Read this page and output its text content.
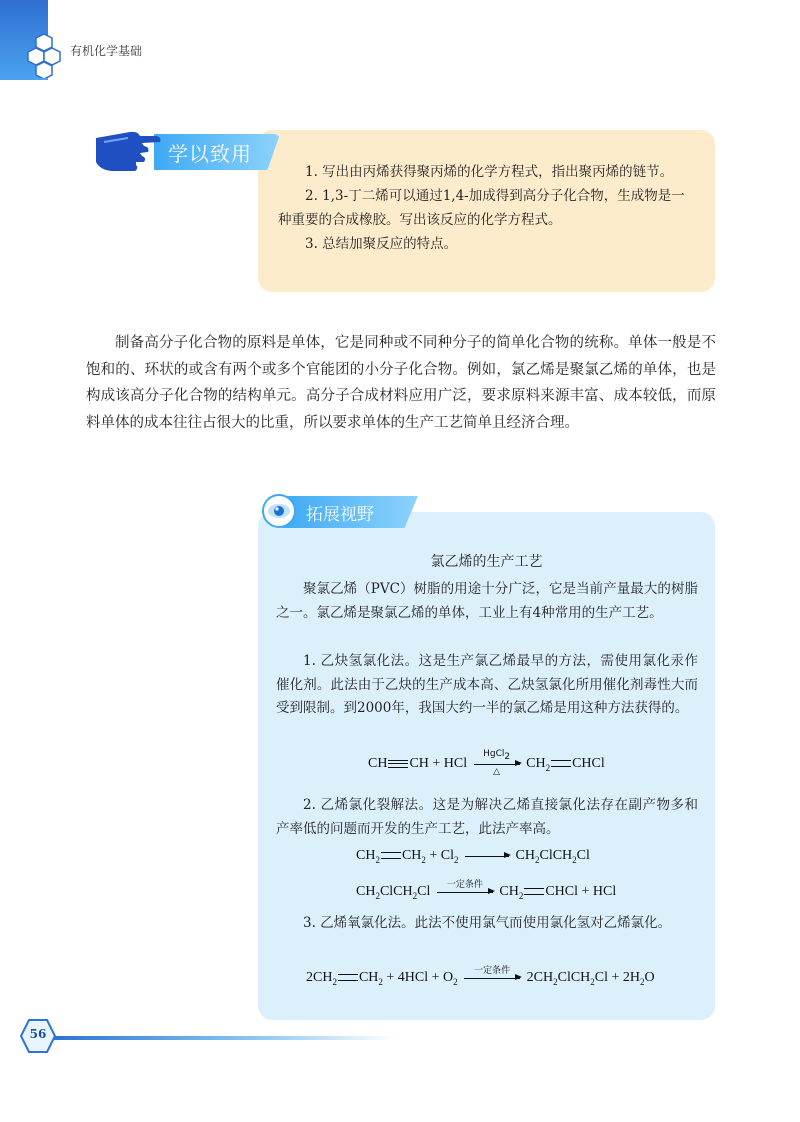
有机化学基础
学以致用

1. 写出由丙烯获得聚丙烯的化学方程式，指出聚丙烯的链节。

2. 1,3-丁二烯可以通过1,4-加成得到高分子化合物，生成物是一种重要的合成橡胶。写出该反应的化学方程式。

3. 总结加聚反应的特点。

制备高分子化合物的原料是单体，它是同种或不同种分子的简单化合物的统称。单体一般是不饱和的、环状的或含有两个或多个官能团的小分子化合物。例如，氯乙烯是聚氯乙烯的单体，也是构成该高分子化合物的结构单元。高分子合成材料应用广泛，要求原料来源丰富、成本较低，而原料单体的成本往往占很大的比重，所以要求单体的生产工艺简单且经济合理。

拓展视野
氯乙烯的生产工艺

聚氯乙烯（PVC）树脂的用途十分广泛，它是当前产量最大的树脂之一。氯乙烯是聚氯乙烯的单体，工业上有4种常用的生产工艺。

1. 乙炔氢氯化法。这是生产氯乙烯最早的方法，需使用氯化汞作催化剂。此法由于乙炔的生产成本高、乙炔氢氯化所用催化剂毒性大而受到限制。到2000年，我国大约一半的氯乙烯是用这种方法获得的。

CH CH + HCl
HgCl$_2$
△
$CH_2$ CHCl

2. 乙烯氯化裂解法。这是为解决乙烯直接氯化法存在副产物多和产率低的问题而开发的生产工艺，此法产率高。

$CH_2$ $CH_2 + Cl_2$	$CH_2ClCH_2Cl$
$CH_2ClCH_2Cl$	一定条件	$CH_2$ CHCl + HCl

3. 乙烯氧氯化法。此法不使用氯气而使用氯化氢对乙烯氯化。

$2CH_2$ $CH_2 + 4HCl + O_2$
一定条件	$2CH_2ClCH_2Cl + 2H_2O$
56
